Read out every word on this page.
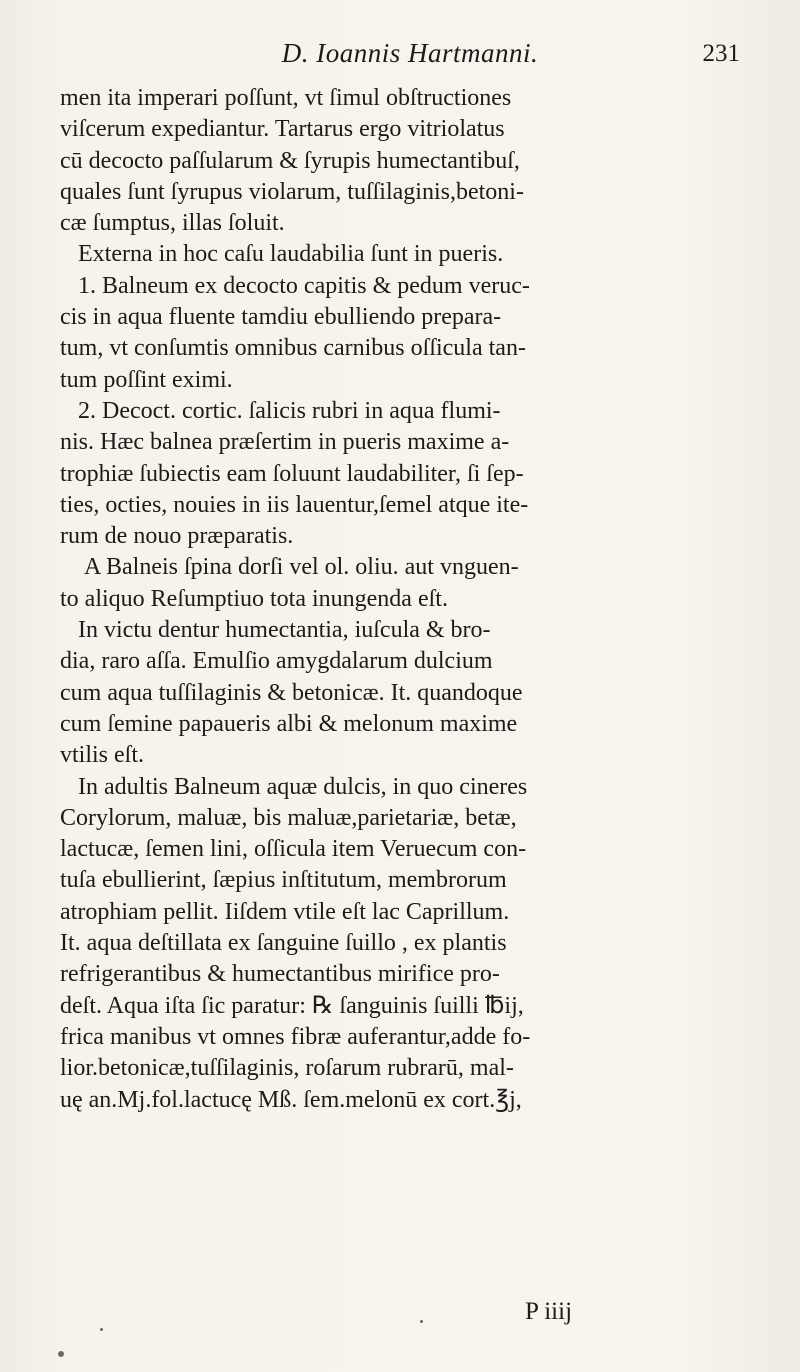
D. Ioannis Hartmanni.	231
men ita imperari poſſunt, vt ſimul obſtructiones
viſcerum expediantur. Tartarus ergo vitriolatus
cū decocto paſſularum & ſyrupis humectantibuſ,
quales ſunt ſyrupus violarum, tuſſilaginis,betoni-
cæ ſumptus, illas ſoluit.
Externa in hoc caſu laudabilia ſunt in pueris.
1. Balneum ex decocto capitis & pedum veruc-
cis in aqua fluente tamdiu ebulliendo prepara-
tum, vt conſumtis omnibus carnibus oſſicula tan-
tum poſſint eximi.
2. Decoct. cortic. ſalicis rubri in aqua flumi-
nis. Hæc balnea præſertim in pueris maxime a-
trophiæ ſubiectis eam ſoluunt laudabiliter, ſi ſep-
ties, octies, nouies in iis lauentur,ſemel atque ite-
rum de nouo præparatis.
A Balneis ſpina dorſi vel ol. oliu. aut vnguen-
to aliquo Reſumptiuo tota inungenda eſt.
In victu dentur humectantia, iuſcula & bro-
dia, raro aſſa. Emulſio amygdalarum dulcium
cum aqua tuſſilaginis & betonicæ. It. quandoque
cum ſemine papaueris albi & melonum maxime
vtilis eſt.
In adultis Balneum aquæ dulcis, in quo cineres
Corylorum, maluæ, bis maluæ,parietariæ, betæ,
lactucæ, ſemen lini, oſſicula item Veruecum con-
tuſa ebullierint, ſæpius inſtitutum, membrorum
atrophiam pellit. Iiſdem vtile eſt lac Caprillum.
It. aqua deſtillata ex ſanguine ſuillo , ex plantis
refrigerantibus & humectantibus mirifice pro-
deſt. Aqua iſta ſic paratur: ℞ ſanguinis ſuilli ℔ij,
frica manibus vt omnes fibræ auferantur,adde fo-
lior.betonicæ,tuſſilaginis, roſarum rubrarū, mal-
uę an.Mj.fol.lactucę Mß. ſem.melonū ex cort.℥j,
P iiij
